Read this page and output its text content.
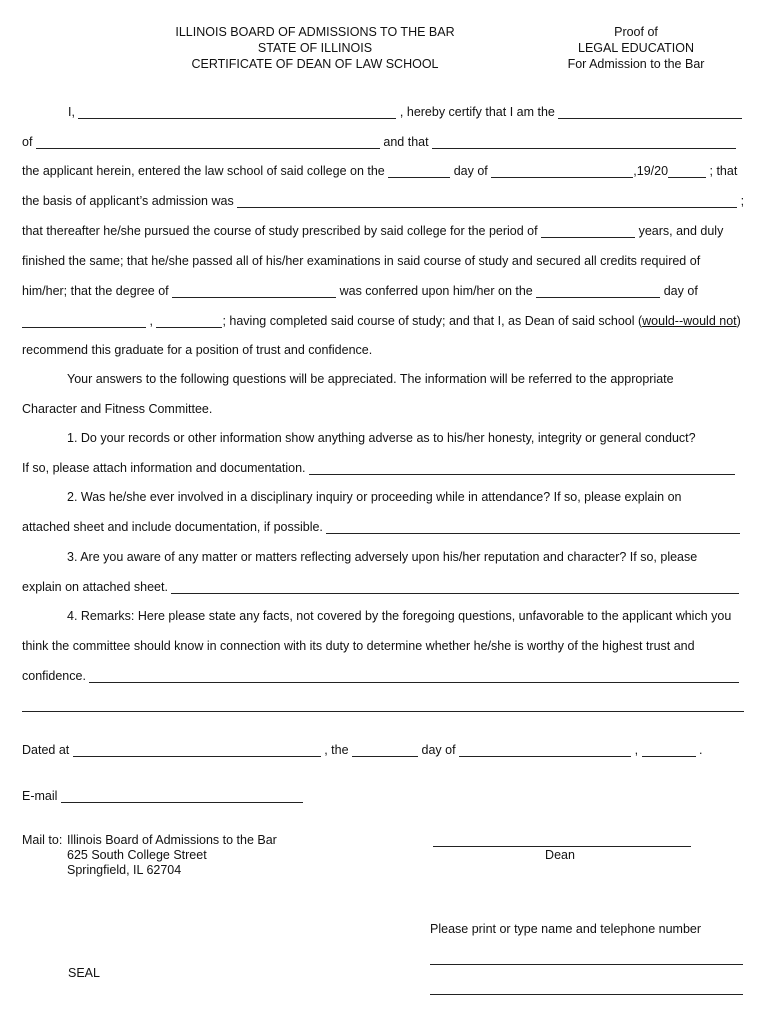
ILLINOIS BOARD OF ADMISSIONS TO THE BAR
STATE OF ILLINOIS
CERTIFICATE OF DEAN OF LAW SCHOOL
Proof of
LEGAL EDUCATION
For Admission to the Bar
I,	, hereby certify that I am the
of	and that
the applicant herein, entered the law school of said college on the	day of	,19/20	; that
the basis of applicant’s admission was	;
that thereafter he/she pursued the course of study prescribed by said college for the period of	years, and duly
finished the same; that he/she passed all of his/her examinations in said course of study and secured all credits required of
him/her; that the degree of	was conferred upon him/her on the	day of
,	; having completed said course of study; and that I, as Dean of said school (would--would not)
recommend this graduate for a position of trust and confidence.
Your answers to the following questions will be appreciated. The information will be referred to the appropriate
Character and Fitness Committee.
1. Do your records or other information show anything adverse as to his/her honesty, integrity or general conduct?
If so, please attach information and documentation.
2. Was he/she ever involved in a disciplinary inquiry or proceeding while in attendance? If so, please explain on
attached sheet and include documentation, if possible.
3. Are you aware of any matter or matters reflecting adversely upon his/her reputation and character? If so, please
explain on attached sheet.
4. Remarks: Here please state any facts, not covered by the foregoing questions, unfavorable to the applicant which you
think the committee should know in connection with its duty to determine whether he/she is worthy of the highest trust and
confidence.
Dated at	, the	day of	,	.
E-mail
Mail to: Illinois Board of Admissions to the Bar
625 South College Street
Springfield, IL 62704
Dean
Please print or type name and telephone number
SEAL
